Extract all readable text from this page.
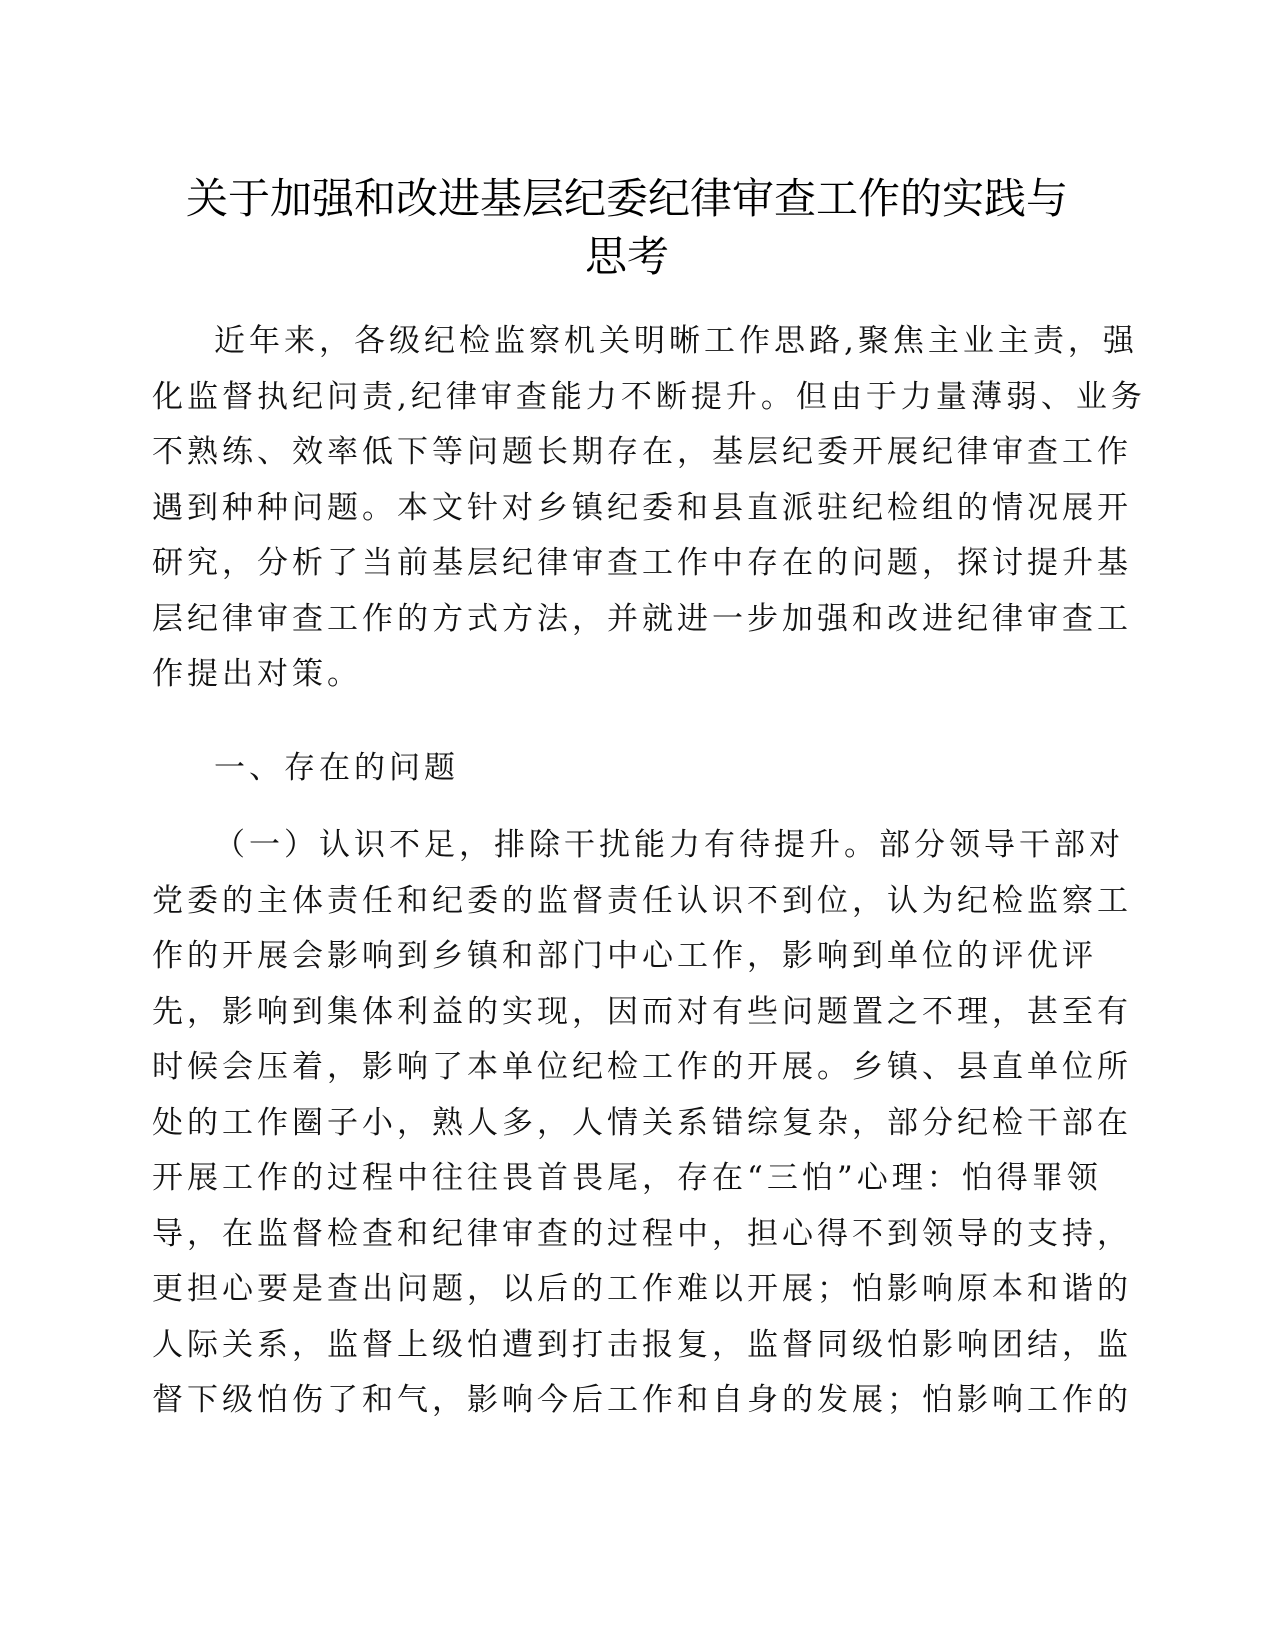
关于加强和改进基层纪委纪律审查工作的实践与
思考
近年来，各级纪检监察机关明晰工作思路,聚焦主业主责，强
化监督执纪问责,纪律审查能力不断提升。但由于力量薄弱、业务
不熟练、效率低下等问题长期存在，基层纪委开展纪律审查工作
遇到种种问题。本文针对乡镇纪委和县直派驻纪检组的情况展开
研究，分析了当前基层纪律审查工作中存在的问题，探讨提升基
层纪律审查工作的方式方法，并就进一步加强和改进纪律审查工
作提出对策。
一、存在的问题
（一）认识不足，排除干扰能力有待提升。部分领导干部对
党委的主体责任和纪委的监督责任认识不到位，认为纪检监察工
作的开展会影响到乡镇和部门中心工作，影响到单位的评优评
先，影响到集体利益的实现，因而对有些问题置之不理，甚至有
时候会压着，影响了本单位纪检工作的开展。乡镇、县直单位所
处的工作圈子小，熟人多，人情关系错综复杂，部分纪检干部在
开展工作的过程中往往畏首畏尾，存在“三怕”心理：怕得罪领
导，在监督检查和纪律审查的过程中，担心得不到领导的支持，
更担心要是查出问题，以后的工作难以开展；怕影响原本和谐的
人际关系，监督上级怕遭到打击报复，监督同级怕影响团结，监
督下级怕伤了和气，影响今后工作和自身的发展；怕影响工作的
